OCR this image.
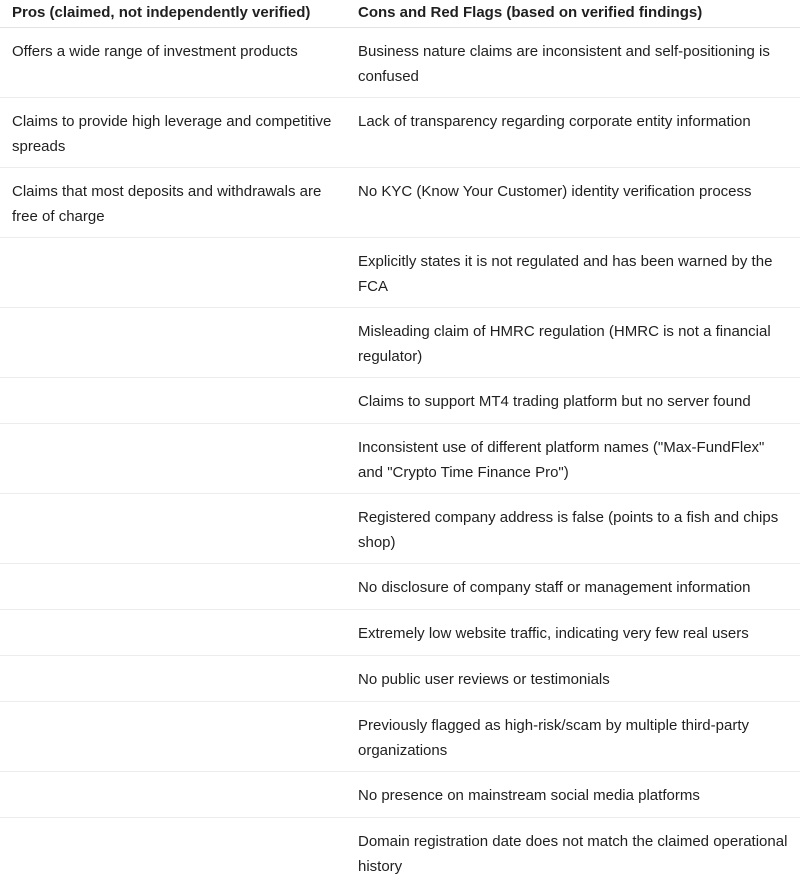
Pros (claimed, not independently verified)	Cons and Red Flags (based on verified findings)
Offers a wide range of investment products	Business nature claims are inconsistent and self-positioning is confused
Claims to provide high leverage and competitive spreads	Lack of transparency regarding corporate entity information
Claims that most deposits and withdrawals are free of charge	No KYC (Know Your Customer) identity verification process
	Explicitly states it is not regulated and has been warned by the FCA
	Misleading claim of HMRC regulation (HMRC is not a financial regulator)
	Claims to support MT4 trading platform but no server found
	Inconsistent use of different platform names ("Max-FundFlex" and "Crypto Time Finance Pro")
	Registered company address is false (points to a fish and chips shop)
	No disclosure of company staff or management information
	Extremely low website traffic, indicating very few real users
	No public user reviews or testimonials
	Previously flagged as high-risk/scam by multiple third-party organizations
	No presence on mainstream social media platforms
	Domain registration date does not match the claimed operational history
